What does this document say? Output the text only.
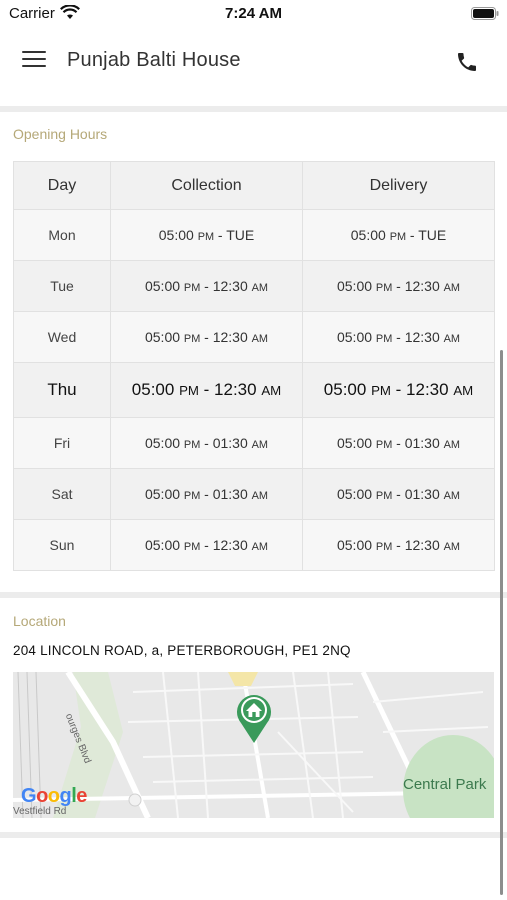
Carrier	7:24 AM
Punjab Balti House
Opening Hours
Day	Collection	Delivery
Mon	05:00 PM - TUE	05:00 PM - TUE
Tue	05:00 PM - 12:30 AM	05:00 PM - 12:30 AM
Wed	05:00 PM - 12:30 AM	05:00 PM - 12:30 AM
Thu	05:00 PM - 12:30 AM	05:00 PM - 12:30 AM
Fri	05:00 PM - 01:30 AM	05:00 PM - 01:30 AM
Sat	05:00 PM - 01:30 AM	05:00 PM - 01:30 AM
Sun	05:00 PM - 12:30 AM	05:00 PM - 12:30 AM
Location
204 LINCOLN ROAD, a, PETERBOROUGH, PE1 2NQ
ourges Blvd
Vestfield Rd
Central Park
Google
